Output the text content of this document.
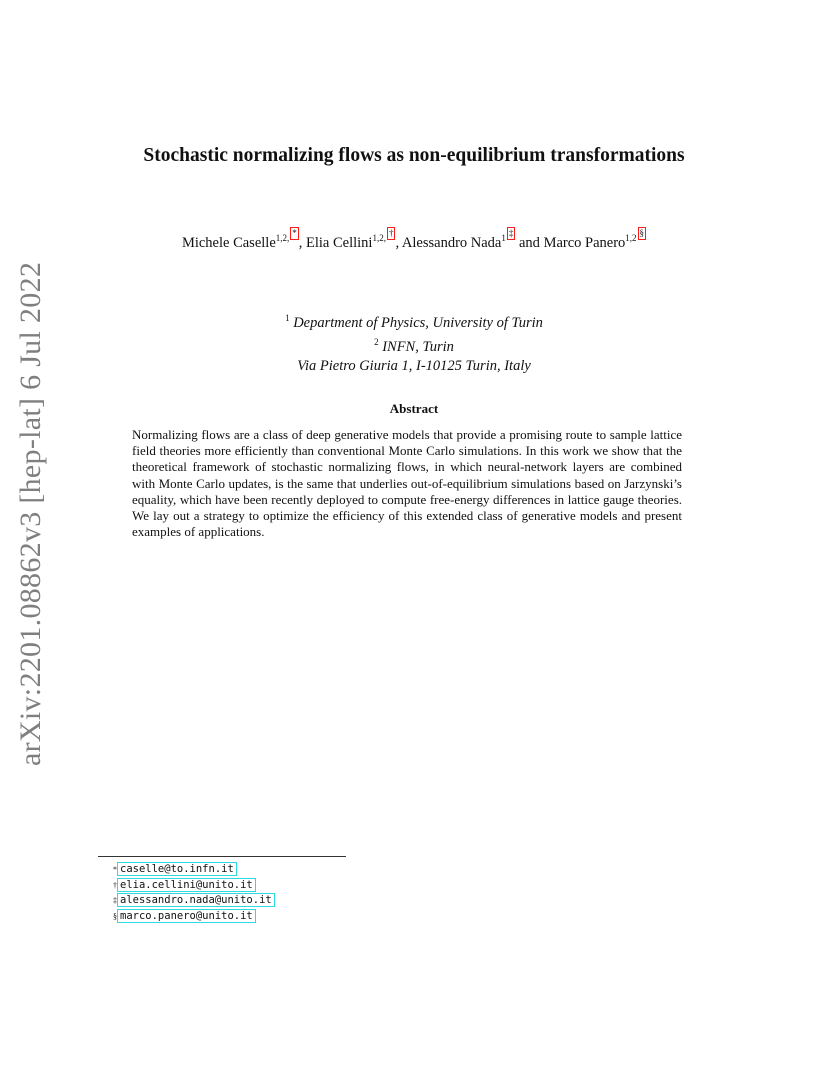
arXiv:2201.08862v3 [hep-lat] 6 Jul 2022
Stochastic normalizing flows as non-equilibrium transformations
Michele Caselle$^{1,2, *}$, Elia Cellini$^{1,2, \dagger}$, Alessandro Nada$^{1 \ddagger}$ and Marco Panero$^{1,2 \S}$
$^1$ Department of Physics, University of Turin
$^2$ INFN, Turin
Via Pietro Giuria 1, I-10125 Turin, Italy
Abstract
Normalizing flows are a class of deep generative models that provide a promising route to sample lattice field theories more efficiently than conventional Monte Carlo simulations. In this work we show that the theoretical framework of stochastic normalizing flows, in which neural-network layers are combined with Monte Carlo updates, is the same that underlies out-of-equilibrium simulations based on Jarzynski’s equality, which have been recently deployed to compute free-energy differences in lattice gauge theories. We lay out a strategy to optimize the efficiency of this extended class of generative models and present examples of applications.
* caselle@to.infn.it
† elia.cellini@unito.it
‡ alessandro.nada@unito.it
§ marco.panero@unito.it
